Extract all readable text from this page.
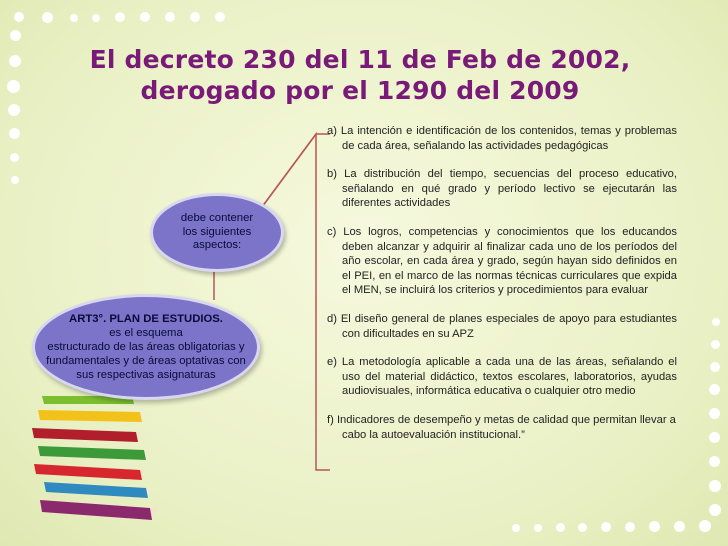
El decreto 230 del 11 de Feb de 2002,
derogado por el 1290 del 2009
debe contener
los siguientes
aspectos:
ART3°. PLAN DE ESTUDIOS.
es el esquema
estructurado de las áreas obligatorias y
fundamentales y de áreas optativas con
sus respectivas asignaturas
a) La intención e identificación de los contenidos, temas y problemas de cada área, señalando las actividades pedagógicas
b) La distribución del tiempo, secuencias del proceso educativo, señalando en qué grado y período lectivo se ejecutarán las diferentes actividades
c) Los logros, competencias y conocimientos que los educandos deben alcanzar y adquirir al finalizar cada uno de los períodos del año escolar, en cada área y grado, según hayan sido definidos en el PEI, en el marco de las normas técnicas curriculares que expida el MEN, se incluirá los criterios y procedimientos para evaluar
d) El diseño general de planes especiales de apoyo para estudiantes con dificultades en su APZ
e) La metodología aplicable a cada una de las áreas, señalando el uso del material didáctico, textos escolares, laboratorios, ayudas audiovisuales, informática educativa o cualquier otro medio
f) Indicadores de desempeño y metas de calidad que permitan llevar a cabo la autoevaluación institucional.”
